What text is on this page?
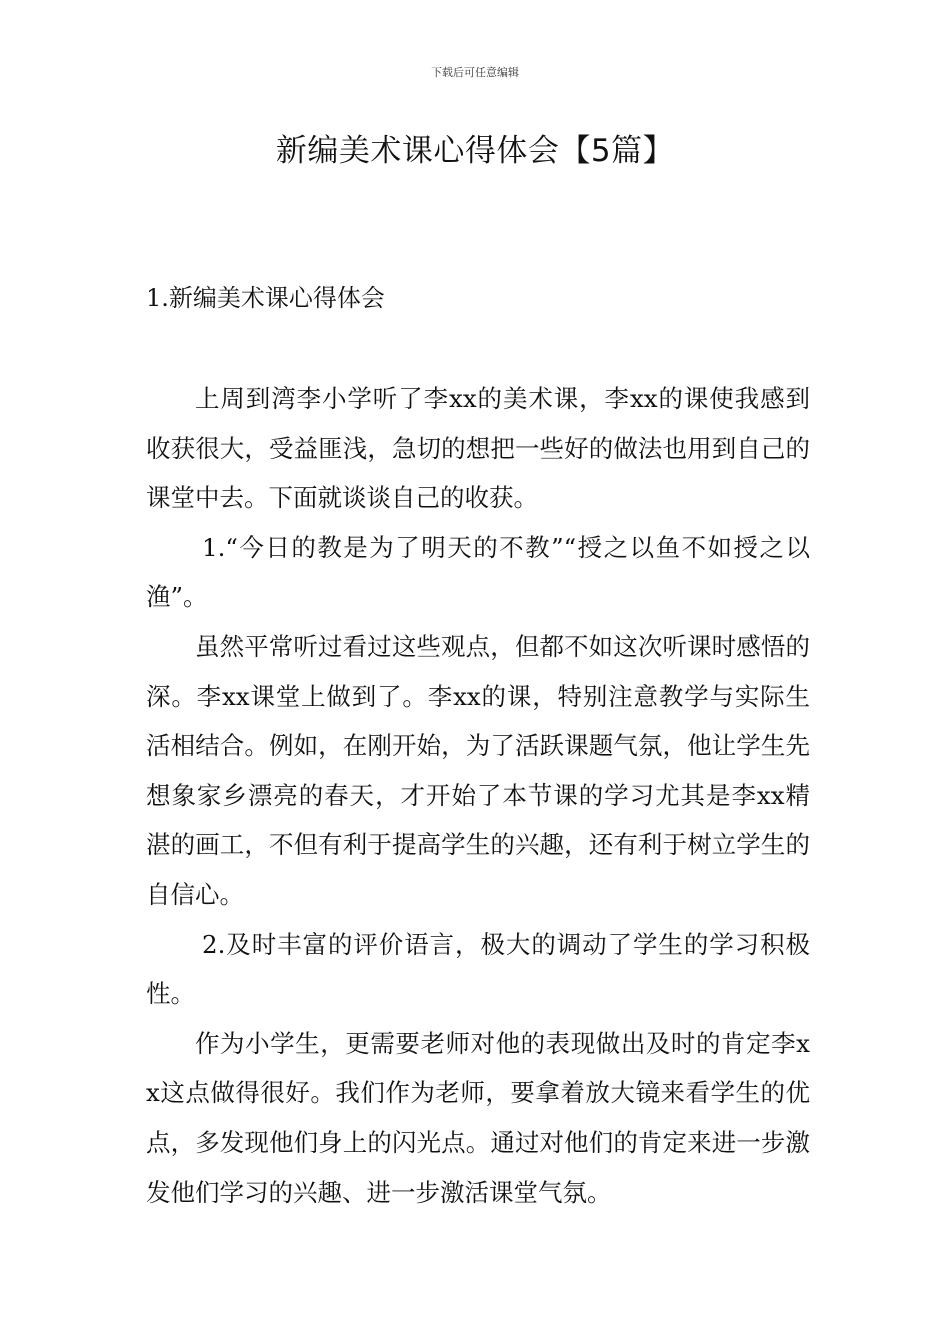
下载后可任意编辑
新编美术课心得体会【5篇】
1.新编美术课心得体会

上周到湾李小学听了李xx的美术课，李xx的课使我感到收获很大，受益匪浅，急切的想把一些好的做法也用到自己的课堂中去。下面就谈谈自己的收获。

1.“今日的教是为了明天的不教”“授之以鱼不如授之以渔”。

虽然平常听过看过这些观点，但都不如这次听课时感悟的深。李xx课堂上做到了。李xx的课，特别注意教学与实际生活相结合。例如，在刚开始，为了活跃课题气氛，他让学生先想象家乡漂亮的春天，才开始了本节课的学习尤其是李xx精湛的画工，不但有利于提高学生的兴趣，还有利于树立学生的自信心。

2.及时丰富的评价语言，极大的调动了学生的学习积极性。

作为小学生，更需要老师对他的表现做出及时的肯定李xx这点做得很好。我们作为老师，要拿着放大镜来看学生的优点，多发现他们身上的闪光点。通过对他们的肯定来进一步激发他们学习的兴趣、进一步激活课堂气氛。
